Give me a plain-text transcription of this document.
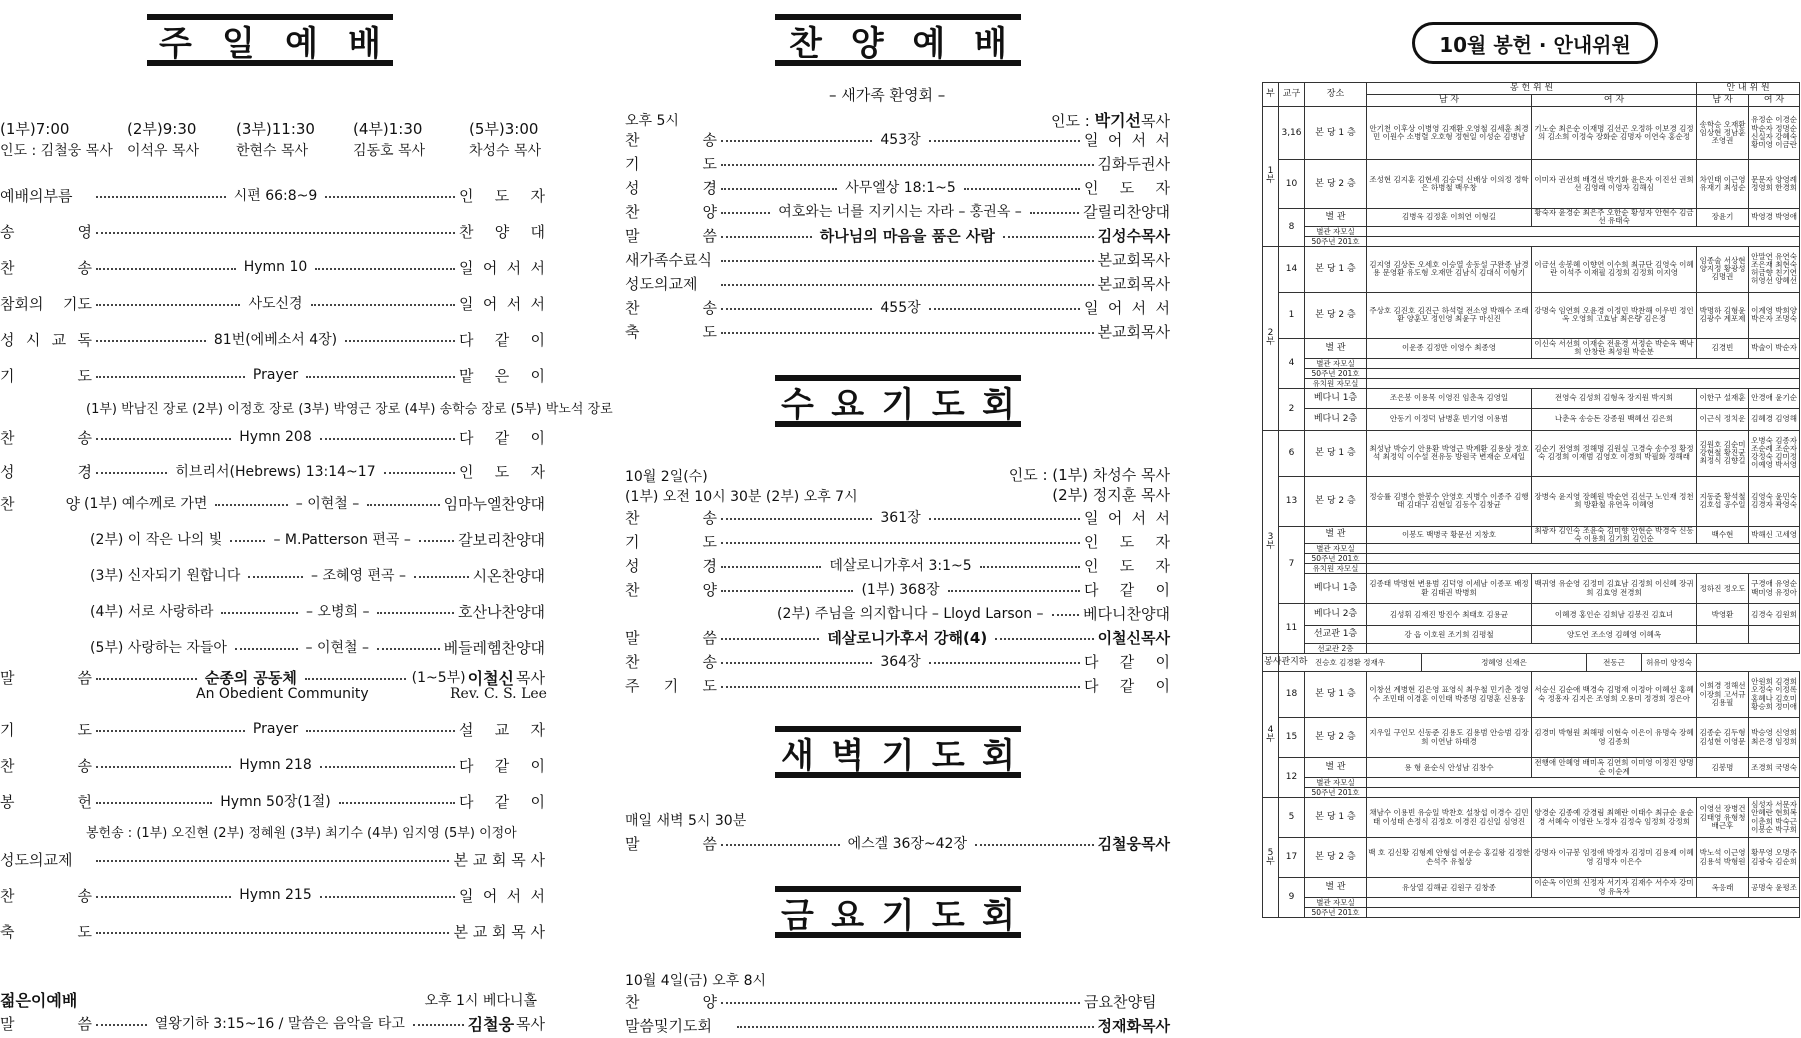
주 일 예 배
(1부)7:00	(2부)9:30	(3부)11:30	(4부)1:30	(5부)3:00
인도 : 김철웅 목사 이석우 목사	한현수 목사	김동호 목사	차성수 목사
예배의부름	시편 66:8~9	인 도 자
송 영	찬 양 대
찬 송	Hymn 10	일 어 서 서
참회의 기도	사도신경	일 어 서 서
성 시 교 독	81번(에베소서 4장)	다 같 이
기 도	Prayer	맡 은 이
(1부) 박남진 장로 (2부) 이정호 장로 (3부) 박영근 장로 (4부) 송학승 장로 (5부) 박노석 장로
찬 송	Hymn 208	다 같 이
성 경	히브리서(Hebrews) 13:14~17	인 도 자
찬 양 (1부) 예수께로 가면	– 이현철 –	임마누엘찬양대
(2부) 이 작은 나의 빛	– M.Patterson 편곡 –	갈보리찬양대
(3부) 신자되기 원합니다	– 조혜영 편곡 –	시온찬양대
(4부) 서로 사랑하라	– 오병희 –	호산나찬양대
(5부) 사랑하는 자들아	– 이현철 –	베들레헴찬양대
말 씀	순종의 공동체	(1~5부) 이철신 목사
An Obedient Community	Rev. C. S. Lee
기 도	Prayer	설 교 자
찬 송	Hymn 218	다 같 이
봉 헌	Hymn 50장(1절)	다 같 이
봉헌송 : (1부) 오진현 (2부) 정혜원 (3부) 최기수 (4부) 임지영 (5부) 이정아
성도의교제	본 교 회 목 사
찬 송	Hymn 215	일 어 서 서
축 도	본 교 회 목 사
젊은이예배	오후 1시 베다니홀
말 씀	열왕기하 3:15~16 / 말씀은 음악을 타고	김철웅 목사
찬 양 예 배
– 새가족 환영회 –
오후 5시	인도 : 박기선목사
찬 송	453장	일 어 서 서
기 도	김화두권사
성 경	사무엘상 18:1~5	인 도 자
찬 양	여호와는 너를 지키시는 자라 – 홍권옥 –	갈릴리찬양대
말 씀	하나님의 마음을 품은 사람	김성수목사
새가족수료식	본교회목사
성도의교제	본교회목사
찬 송	455장	일 어 서 서
축 도	본교회목사
수 요 기 도 회
10월 2일(수)	인도 : (1부) 차성수 목사
(1부) 오전 10시 30분 (2부) 오후 7시	(2부) 정지훈 목사
찬 송	361장	일 어 서 서
기 도	인 도 자
성 경	데살로니가후서 3:1~5	인 도 자
찬 양	(1부) 368장	다 같 이
(2부) 주님을 의지합니다 – Lloyd Larson –	베다니찬양대
말 씀	데살로니가후서 강해(4)	이철신목사
찬 송	364장	다 같 이
주 기 도	다 같 이
새 벽 기 도 회
매일 새벽 5시 30분
말 씀	에스겔 36장~42장	김철웅목사
금 요 기 도 회
10월 4일(금) 오후 8시
찬 양	금요찬양팀
말씀및기도회	정재화목사
10월 봉헌 · 안내위원
부	교구	장소	봉 헌 위 원					안 내 위 원	
			남 자		여 자			남 자	여 자
1
부	3,16	본 당 1 층	안기천 이후상 이병영 김재환 오영철 김세훈 최경민 이원수 소병렬 오호형 정현일 이성순 김병남		기노순 최은순 이재명 김선곤 오정하 이보경 김정의 김소희 이정숙 장화순 김명자 이연숙 홍순정			송학승 오재환 임상현 정남훈 조영권	유정순 이경순 박순자 정명순 신실자 강혜숙 황미영 이금란
	10	본 당 2 층	조성현 김지훈 김현세 김승덕 신배상 이의정 정학은 하병철 백우창		이미자 권선희 배경선 박기화 윤은자 이진선 권희선 김영래 이영자 김해심			차인태 이근영 유재기 최성순	문문자 양영례 정영희 한경희
	8	별 관	김병욱 김정훈 이희연 이형길		황숙자 윤경순 최은주 오한순 황성자 안현수 김금선 유태숙			장윤기	박영경 박영애
		별관 자모실							
		50주년 201호							
2
부	14	본 당 1 층	김지영 김상돈 오세호 이승열 송동설 구완종 남경용 문영환 유도형 오재만 김남식 김대식 이형기		이금선 송봉혜 이향연 이수희 최규단 김영숙 이혜란 이석주 이재필 김정희 김정희 이지영			임종술 서상현 양지정 황광성 김명권	안말연 유연숙 조은재 최현숙 허금향 친기연 허영선 양혜선
	1	본 당 2 층	주상호 김진호 김진근 하석렬 전소영 박해수 조래환 양훈모 정인영 최윤구 마신진		강명숙 임연희 오윤경 이정민 박찬해 이우빈 정인옥 오영희 고효남 최은량 김은경			박명하 김형윤 김광수 계포제	이계영 박희양 박은자 조명숙
	4	별 관	이운종 김정만 이영수 최종영		이신숙 서선희 이재순 전윤경 서정순 박순옥 백낙희 안창란 최성원 박순분			김경빈	박술이 박순자
		별관 자모실							
		50주년 201호							
		유치원 자모실							
	2	베다니 1층	조은봉 이용목 이영진 임춘옥 김영일		전영숙 김성희 김형옥 장지원 박지희			이한구 설재훈	안경애 윤기순
		베다니 2층	안동기 이정덕 남병훈 빈기영 이용범		나춘옥 송승돈 강종원 백혜선 김은희			이근식 정치운	김혜경 김영해
3
부	6	본 당 1 층	최성남 박승기 안용환 박영근 박계환 김용삼 정호석 최정익 이수설 전유동 방원국 변재순 오세일		김순기 전영희 정해명 김원실 고경숙 송수정 황정숙 김정희 이재범 김영호 이경희 박필화 정해래			김원호 김순미 강현철 황진균 최정식 김향길	오병숙 김종자 조순례 조순자 강정숙 김미정 이예영 박서영
	13	본 당 2 층	정승률 김병수 한봉수 안영호 지병수 이종주 김행태 김대구 김현일 김동수 김창균		장병숙 윤지영 장혜원 박순연 김선구 노인재 정천희 방환철 유연옥 이혜영			지동준 황석철 김호섭 공수일	김영숙 윤민숙 김경자 곽영숙
	7	별 관	이봉도 백병국 황문선 지창호		최광자 김인숙 조윤숙 김미향 안현순 박경숙 신동숙 이용희 김기희 김인순			백수현	박해신 고세영
		별관 자모실							
		50주년 201호							
		유치원 자모실							
		베다니 1층	김종태 박명현 변용범 김덕영 이세남 이종포 배정환 김태권 박병희		백귀영 유순영 김정미 김효남 김정희 이신혜 장귀희 김효영 전경희			정하진 정오도	구경애 유영순 백미영 유정아
	11	베다니 2층	김성휘 김재진 방진수 최태호 김용균		이혜경 홍인순 김희남 김봉진 김효녀			박영환	김경숙 김원희
		선교관 1층	강 읍 이호원 조기희 김평철		양도연 조소영 김혜영 이혜옥				
		선교관 2층							
봉사관지하	진승호 김경환 정재우			정혜영 신재은		전동근	허유미 양정숙		
4
부	18	본 당 1 층	이창선 계병현 김은영 표영식 최우철 민기춘 정영수 조민태 이경훈 이인태 박종명 김명훈 신용웅		서승신 김순애 백경숙 김명재 이정아 이혜선 홍혜숙 정흥자 김지은 조영희 오용미 정경희 정은아			이희경 정해선 이장희 고서규 김용필	안원희 김경희 오정숙 이정록 홍혜나 김호미 황승희 정미애
	15	본 당 2 층	지우일 구인모 신동준 김용도 김용범 안승범 김장희 이연남 하태경		김경미 박형원 최해평 이현숙 이은이 유명숙 장혜영 김종희			김종순 김두형 김성현 이영문	박승영 신영희 최은경 임정희
	12	별 관	용 형 윤순식 안성남 김창수		전행애 안혜영 배미옥 김연희 이미영 이정진 양명순 이순계			김봉명	조경희 국명숙
		별관 자모실							
		50주년 201호							
5
부	5	본 당 1 층	채남수 이용빈 유승일 박찬호 설창섭 이경수 김민태 이성태 손정식 김정호 이경진 김신일 심영진		양경순 김종예 강경림 최혜란 이태수 최규순 윤순경 서혜숙 이영란 노정자 김정숙 임정희 강정희			이영선 장병건 김태영 유형청 배근후	심성자 서문자 안혜란 현희복 이춘희 박숙근 이봉순 박구희
	17	본 당 2 층	백 호 김신황 김형제 안형섭 여운승 홍길왕 김정한 손석주 유철상		강명자 이규봉 임정애 박정자 김정미 김용제 이혜영 김명자 이은수			박노석 이근영 김용석 박형원	황무영 오명주 김광숙 김순희
	9	별 관	유상열 김해균 김원구 김창종		이순옥 이인희 신정자 서기자 김재수 서수자 강미영 유옥자			옥응래	공명숙 윤평조
		별관 자모실							
		50주년 201호							
